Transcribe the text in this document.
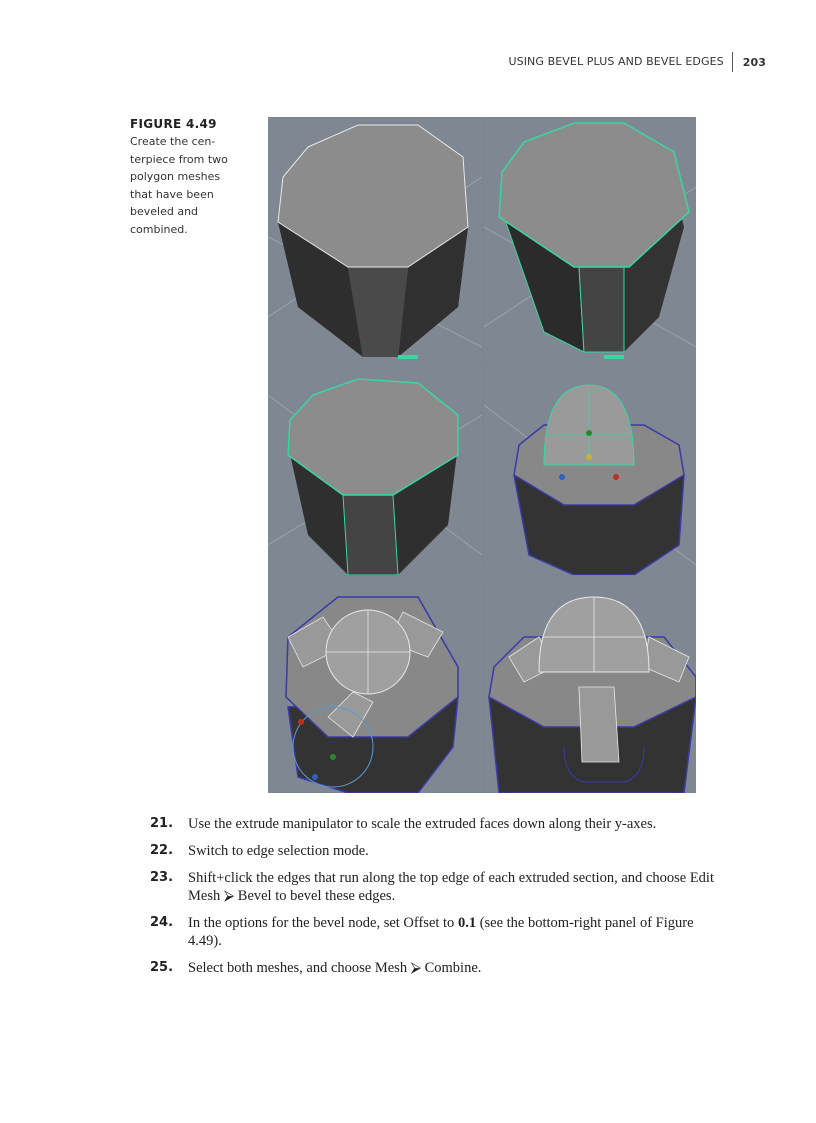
USING BEVEL PLUS AND BEVEL EDGES	203
FIGURE 4.49
Create the cen-
terpiece from two
polygon meshes
that have been
beveled and
combined.
21.	Use the extrude manipulator to scale the extruded faces down along their y-axes.
22.	Switch to edge selection mode.
23.	Shift+click the edges that run along the top edge of each extruded section, and choose Edit Mesh ⮚ Bevel to bevel these edges.
24.	In the options for the bevel node, set Offset to 0.1 (see the bottom-right panel of Figure 4.49).
25.	Select both meshes, and choose Mesh ⮚ Combine.
